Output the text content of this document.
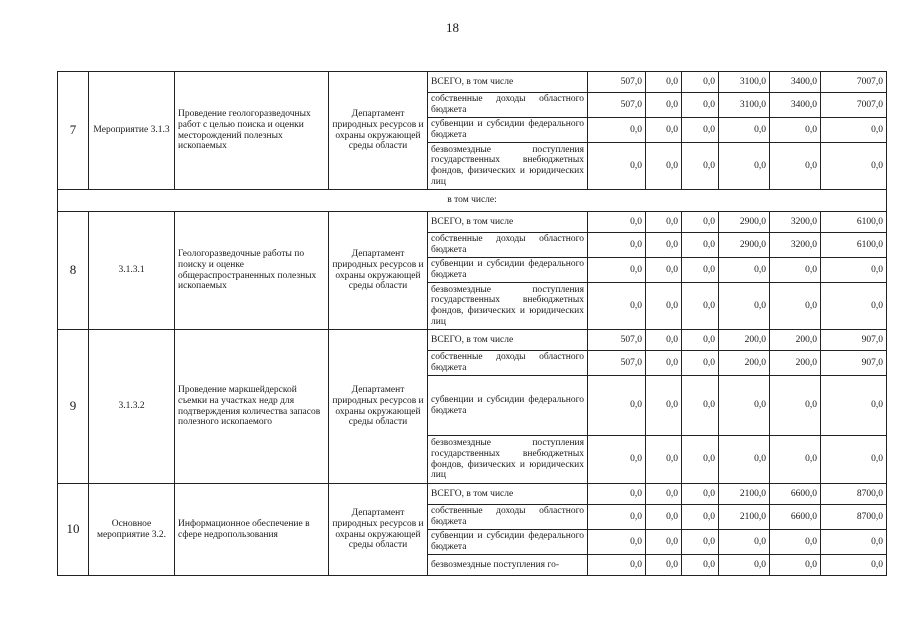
18
7	Мероприятие 3.1.3	Проведение геологоразведочных работ с целью поиска и оценки месторождений полезных ископаемых	Департамент природных ресурсов и охраны окружающей среды области	ВСЕГО, в том числе	507,0	0,0	0,0	3100,0	3400,0	7007,0
				собственные доходы областного бюджета	507,0	0,0	0,0	3100,0	3400,0	7007,0
				субвенции и субсидии федерального бюджета	0,0	0,0	0,0	0,0	0,0	0,0
				безвозмездные поступления государственных внебюджетных фондов, физических и юридических лиц	0,0	0,0	0,0	0,0	0,0	0,0
в том числе:										
8	3.1.3.1	Геологоразведочные работы по поиску и оценке общераспространенных полезных ископаемых	Департамент природных ресурсов и охраны окружающей среды области	ВСЕГО, в том числе	0,0	0,0	0,0	2900,0	3200,0	6100,0
				собственные доходы областного бюджета	0,0	0,0	0,0	2900,0	3200,0	6100,0
				субвенции и субсидии федерального бюджета	0,0	0,0	0,0	0,0	0,0	0,0
				безвозмездные поступления государственных внебюджетных фондов, физических и юридических лиц	0,0	0,0	0,0	0,0	0,0	0,0
9	3.1.3.2	Проведение маркшейдерской съемки на участках недр для подтверждения количества запасов полезного ископаемого	Департамент природных ресурсов и охраны окружающей среды области	ВСЕГО, в том числе	507,0	0,0	0,0	200,0	200,0	907,0
				собственные доходы областного бюджета	507,0	0,0	0,0	200,0	200,0	907,0
				субвенции и субсидии федерального бюджета	0,0	0,0	0,0	0,0	0,0	0,0
				безвозмездные поступления государственных внебюджетных фондов, физических и юридических лиц	0,0	0,0	0,0	0,0	0,0	0,0
10	Основное мероприятие 3.2.	Информационное обеспечение в сфере недропользования	Департамент природных ресурсов и охраны окружающей среды области	ВСЕГО, в том числе	0,0	0,0	0,0	2100,0	6600,0	8700,0
				собственные доходы областного бюджета	0,0	0,0	0,0	2100,0	6600,0	8700,0
				субвенции и субсидии федерального бюджета	0,0	0,0	0,0	0,0	0,0	0,0
				безвозмездные поступления го-	0,0	0,0	0,0	0,0	0,0	0,0
